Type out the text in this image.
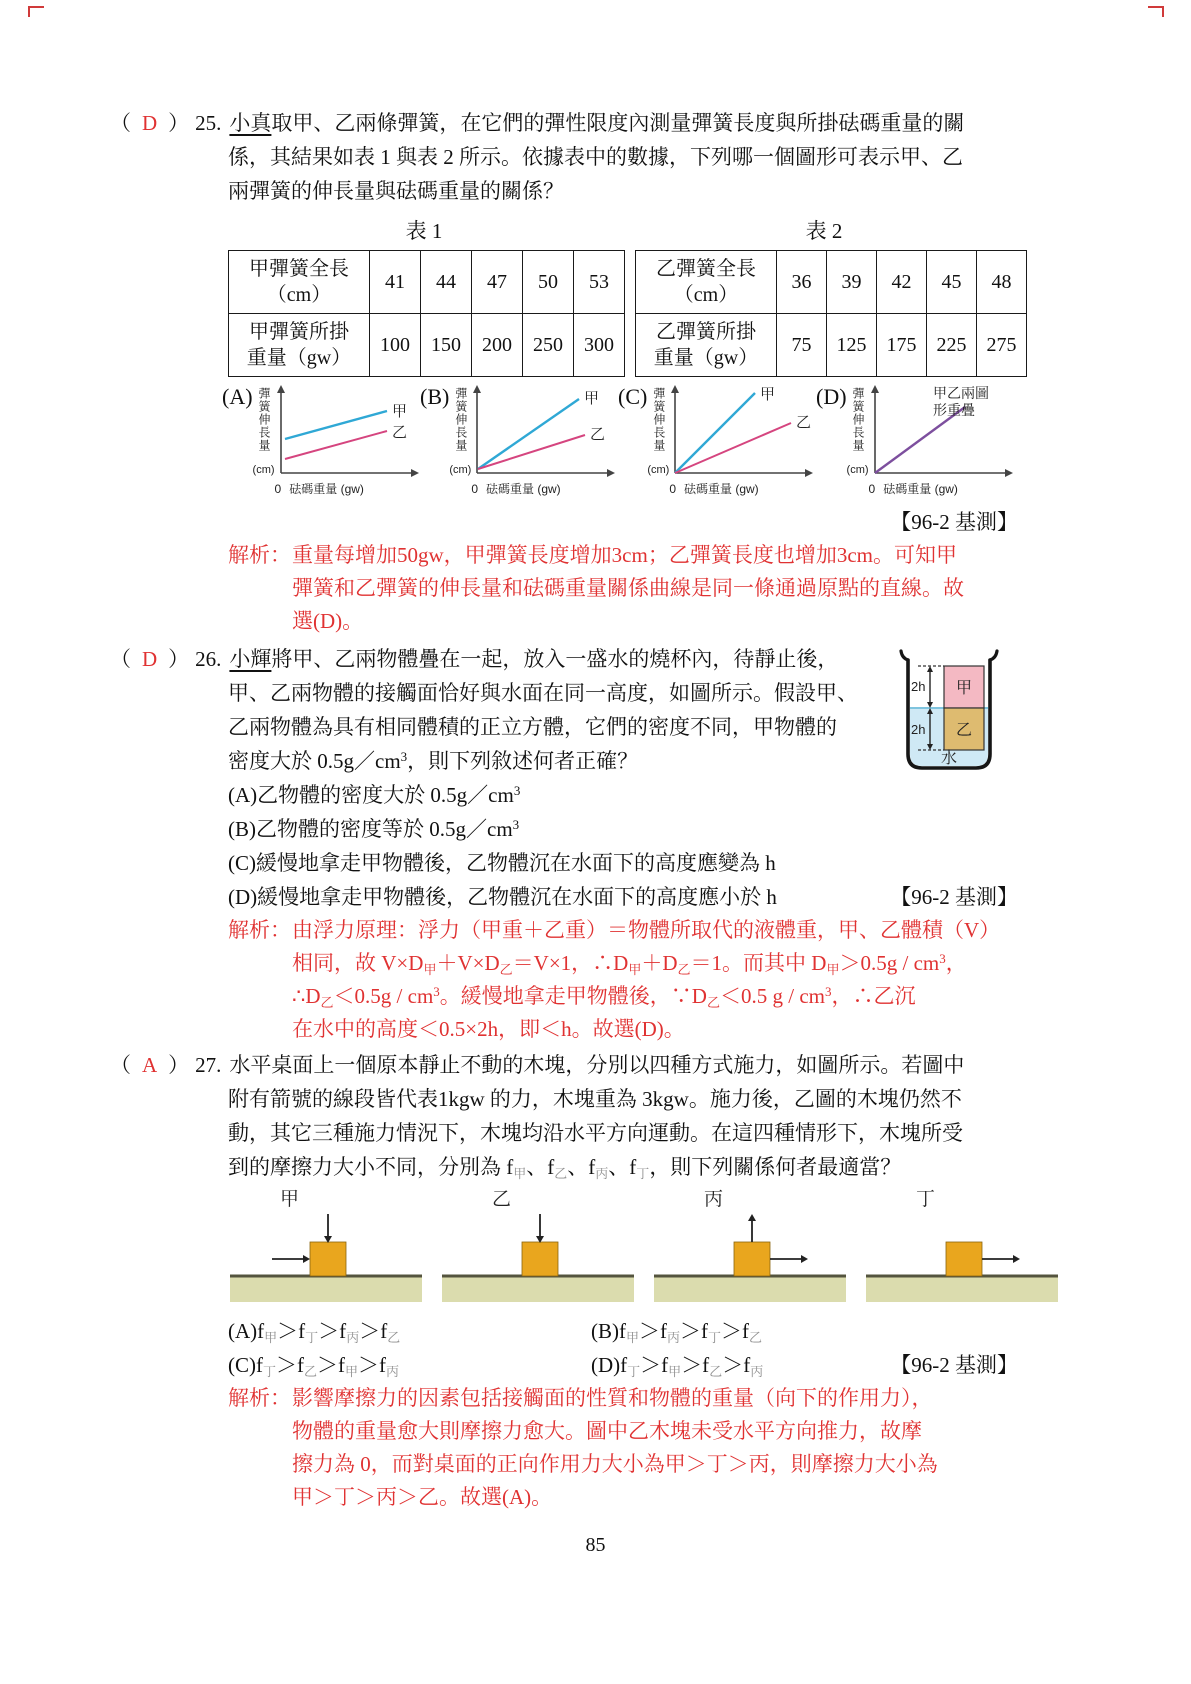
（ D ） 25. 小真取甲、乙兩條彈簧，在它們的彈性限度內測量彈簧長度與所掛砝碼重量的關
係，其結果如表 1 與表 2 所示。依據表中的數據，下列哪一個圖形可表示甲、乙
兩彈簧的伸長量與砝碼重量的關係？
表 1	表 2
甲彈簧全長
（cm）	41	44	47	50	53
甲彈簧所掛
重量（gw）	100	150	200	250	300
乙彈簧全長
（cm）	36	39	42	45	48
乙彈簧所掛
重量（gw）	75	125	175	225	275
(A) 彈簧伸長量
(cm)
甲
乙
0 砝碼重量 (gw)
(B) 彈簧伸長量
(cm)
甲
乙
0 砝碼重量 (gw)
(C) 彈簧伸長量
(cm)
甲
乙
0 砝碼重量 (gw)
(D) 彈簧伸長量
(cm)
甲乙兩圖
形重疊
0 砝碼重量 (gw)
【96-2 基測】
解析： 重量每增加50gw，甲彈簧長度增加3cm；乙彈簧長度也增加3cm。可知甲
彈簧和乙彈簧的伸長量和砝碼重量關係曲線是同一條通過原點的直線。故
選(D)。
（ D ） 26. 小輝將甲、乙兩物體疊在一起，放入一盛水的燒杯內，待靜止後，
甲、乙兩物體的接觸面恰好與水面在同一高度，如圖所示。假設甲、
乙兩物體為具有相同體積的正立方體，它們的密度不同，甲物體的
密度大於 $0.5g/cm^3$，則下列敘述何者正確？
(A)乙物體的密度大於 $0.5g/cm^3$
(B)乙物體的密度等於 $0.5g/cm^3$
(C)緩慢地拿走甲物體後，乙物體沉在水面下的高度應變為 h
(D)緩慢地拿走甲物體後，乙物體沉在水面下的高度應小於 h	【96-2 基測】
2h
2h
甲
乙
水
解析： 由浮力原理：浮力（甲重＋乙重）＝物體所取代的液體重，甲、乙體積（V）
相同，故 $V\times D_甲+V\times D_乙=V\times 1$，$\therefore D_甲+D_乙=1$。而其中 $D_甲>0.5g / cm^3$，
$\therefore D_乙<0.5g / cm^3$。緩慢地拿走甲物體後，$\because D_乙<0.5$ g / $cm^3$，∴乙沉
在水中的高度＜0.5×2h，即＜h。故選(D)。
（ A ） 27. 水平桌面上一個原本靜止不動的木塊，分別以四種方式施力，如圖所示。若圖中
附有箭號的線段皆代表1kgw 的力，木塊重為 3kgw。施力後，乙圖的木塊仍然不
動，其它三種施力情況下，木塊均沿水平方向運動。在這四種情形下，木塊所受
到的摩擦力大小不同，分別為 $f_甲$、$f_乙$、$f_丙$、$f_丁$，則下列關係何者最適當？
甲	乙	丙	丁
$(A)f_甲>f_丁>f_丙>f_乙$	$(B)f_甲>f_丙>f_丁>f_乙$
$(C)f_丁>f_乙>f_甲>f_丙$	$(D)f_丁>f_甲>f_乙>f_丙$	【96-2 基測】
解析： 影響摩擦力的因素包括接觸面的性質和物體的重量（向下的作用力），
物體的重量愈大則摩擦力愈大。圖中乙木塊未受水平方向推力，故摩
擦力為 0，而對桌面的正向作用力大小為甲＞丁＞丙，則摩擦力大小為
甲＞丁＞丙＞乙。故選(A)。
85
